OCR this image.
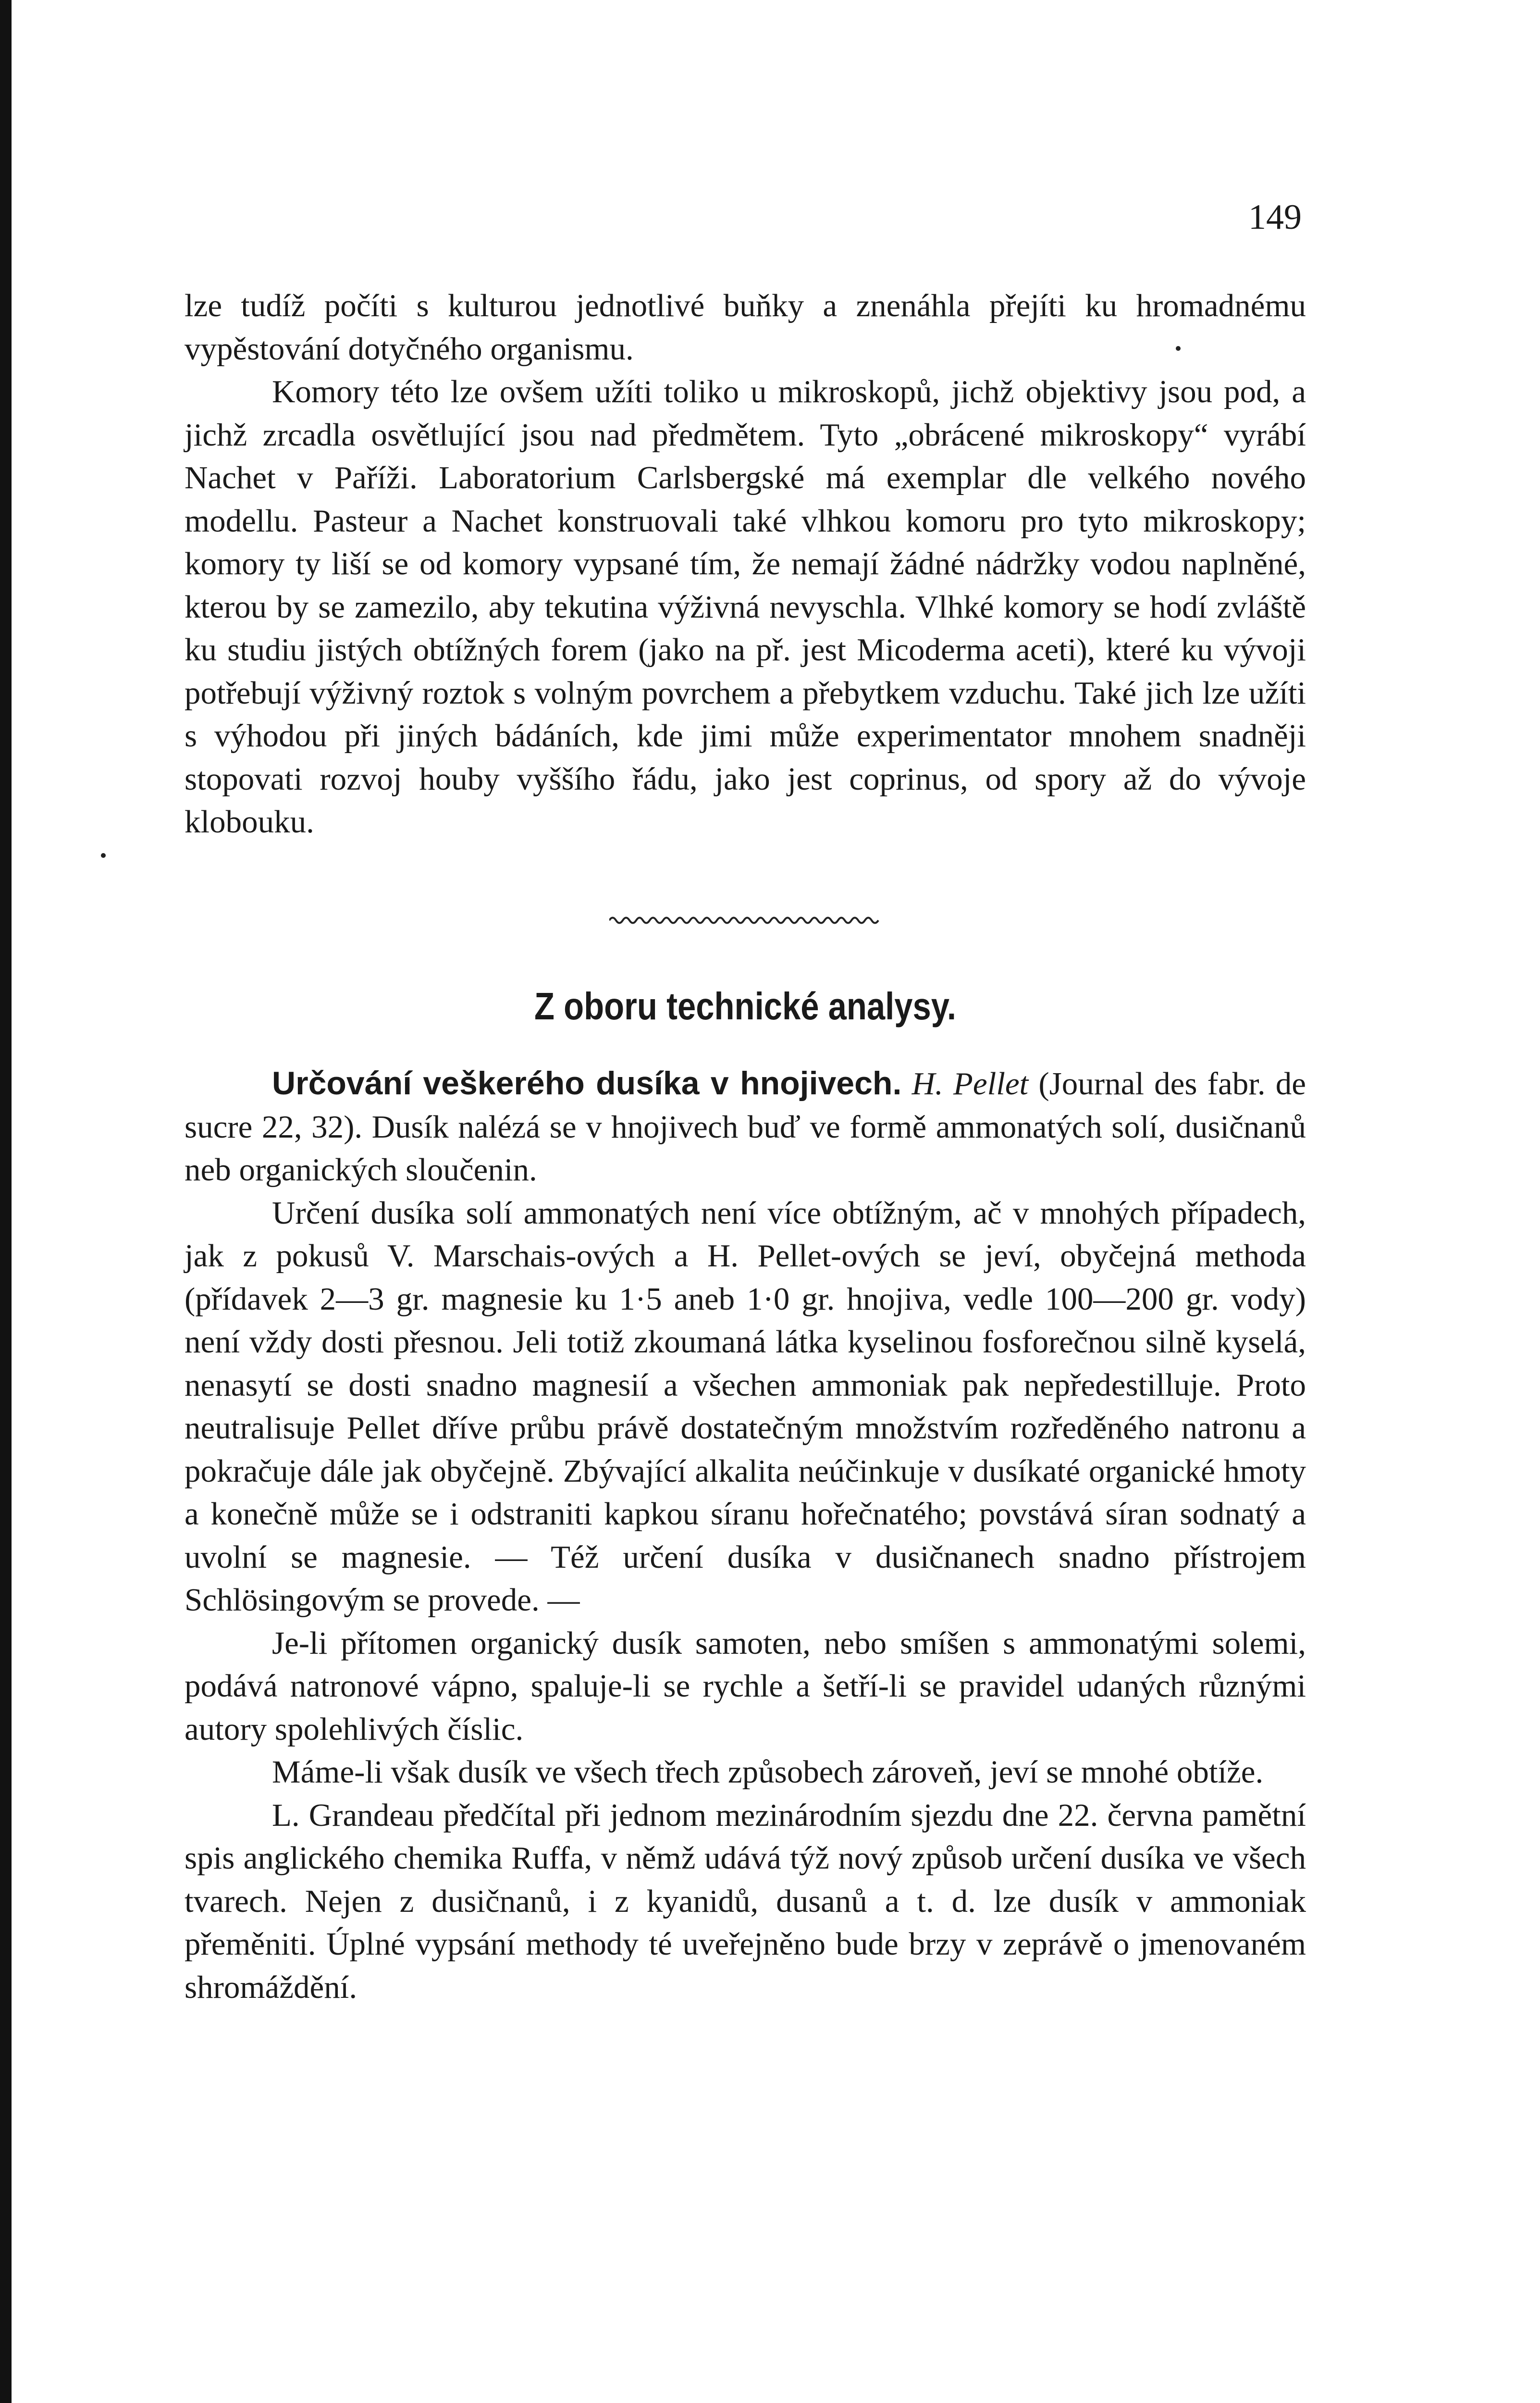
149

lze tudíž počíti s kulturou jednotlivé buňky a znenáhla přejíti ku hromadnému vypěstování dotyčného organismu.

Komory této lze ovšem užíti toliko u mikroskopů, jichž objektivy jsou pod, a jichž zrcadla osvětlující jsou nad předmětem. Tyto „obrácené mikroskopy“ vyrábí Nachet v Paříži. Laboratorium Carlsbergské má exemplar dle velkého nového modellu. Pasteur a Nachet konstruovali také vlhkou komoru pro tyto mikroskopy; komory ty liší se od komory vypsané tím, že nemají žádné nádržky vodou naplněné, kterou by se zamezilo, aby tekutina výživná nevyschla. Vlhké komory se hodí zvláště ku studiu jistých obtížných forem (jako na př. jest Micoderma aceti), které ku vývoji potřebují výživný roztok s volným povrchem a přebytkem vzduchu. Také jich lze užíti s výhodou při jiných bádáních, kde jimi může experimentator mnohem snadněji stopovati rozvoj houby vyššího řádu, jako jest coprinus, od spory až do vývoje klobouku.

Z oboru technické analysy.

Určování veškerého dusíka v hnojivech. H. Pellet (Journal des fabr. de sucre 22, 32). Dusík nalézá se v hnojivech buď ve formě ammonatých solí, dusičnanů neb organických sloučenin.

Určení dusíka solí ammonatých není více obtížným, ač v mnohých případech, jak z pokusů V. Marschais-ových a H. Pellet-ových se jeví, obyčejná methoda (přídavek 2—3 gr. magnesie ku 1·5 aneb 1·0 gr. hnojiva, vedle 100—200 gr. vody) není vždy dosti přesnou. Jeli totiž zkoumaná látka kyselinou fosforečnou silně kyselá, nenasytí se dosti snadno magnesií a všechen ammoniak pak nepředestilluje. Proto neutralisuje Pellet dříve průbu právě dostatečným množstvím rozředěného natronu a pokračuje dále jak obyčejně. Zbývající alkalita neúčinkuje v dusíkaté organické hmoty a konečně může se i odstraniti kapkou síranu hořečnatého; povstává síran sodnatý a uvolní se magnesie. — Též určení dusíka v dusičnanech snadno přístrojem Schlösingovým se provede. —

Je-li přítomen organický dusík samoten, nebo smíšen s ammonatými solemi, podává natronové vápno, spaluje-li se rychle a šetří-li se pravidel udaných různými autory spolehlivých číslic.

Máme-li však dusík ve všech třech způsobech zároveň, jeví se mnohé obtíže.

L. Grandeau předčítal při jednom mezinárodním sjezdu dne 22. června pamětní spis anglického chemika Ruffa, v němž udává týž nový způsob určení dusíka ve všech tvarech. Nejen z dusičnanů, i z kyanidů, dusanů a t. d. lze dusík v ammoniak přeměniti. Úplné vypsání methody té uveřejněno bude brzy v zeprávě o jmenovaném shromáždění.
